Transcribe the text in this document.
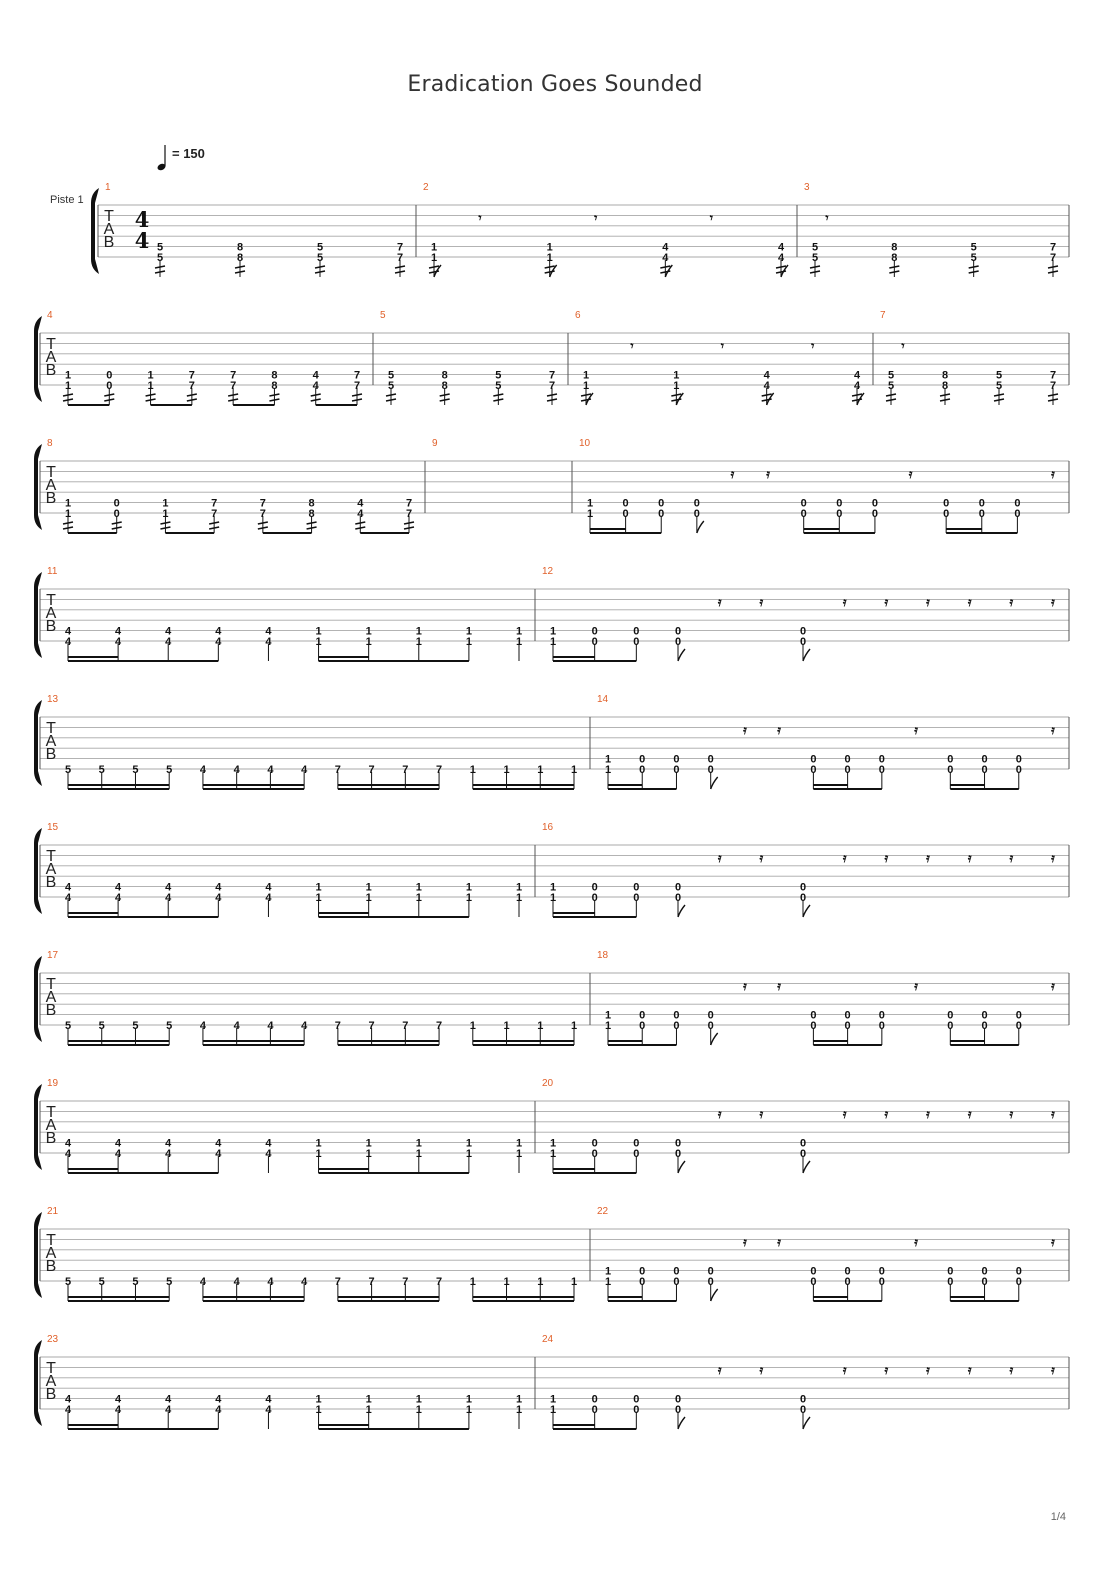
Eradication Goes Sounded
= 150
Piste 1
T
A
B
4
4
1
5
5
8
8
5
5
7
7
2
𝄾
1
1
𝄾
1
1
𝄾
4
4
𝄾
4
4
3
5
5
8
8
5
5
7
7
T
A
B
4
1
1
0
0
1
1
7
7
7
7
8
8
4
4
7
7
5
5
5
8
8
5
5
7
7
6
𝄾
1
1
𝄾
1
1
𝄾
4
4
𝄾
4
4
7
5
5
8
8
5
5
7
7
T
A
B
8
1
1
0
0
1
1
7
7
7
7
8
8
4
4
7
7
9	10
1
1
0
0
0
0
0
0
𝄿	𝄿
0
0
0
0
0
0
𝄿
0
0
0
0
0
0
𝄿
T
A
B
11
4
4
4
4
4
4
4
4
4
4
1
1
1
1
1
1
1
1
1
1
12
1
1
0
0
0
0
0
0
𝄿	𝄿
0
0
𝄿	𝄿	𝄿	𝄿	𝄿	𝄿
T
A
B
13
5	5	5	5	4	4	4	4	7	7	7	7	1	1	1	1
14
1
1
0
0
0
0
0
0
𝄿	𝄿
0
0
0
0
0
0
𝄿
0
0
0
0
0
0
𝄿
T
A
B
15
4
4
4
4
4
4
4
4
4
4
1
1
1
1
1
1
1
1
1
1
16
1
1
0
0
0
0
0
0
𝄿	𝄿
0
0
𝄿	𝄿	𝄿	𝄿	𝄿	𝄿
T
A
B
17
5	5	5	5	4	4	4	4	7	7	7	7	1	1	1	1
18
1
1
0
0
0
0
0
0
𝄿	𝄿
0
0
0
0
0
0
𝄿
0
0
0
0
0
0
𝄿
T
A
B
19
4
4
4
4
4
4
4
4
4
4
1
1
1
1
1
1
1
1
1
1
20
1
1
0
0
0
0
0
0
𝄿	𝄿
0
0
𝄿	𝄿	𝄿	𝄿	𝄿	𝄿
T
A
B
21
5	5	5	5	4	4	4	4	7	7	7	7	1	1	1	1
22
1
1
0
0
0
0
0
0
𝄿	𝄿
0
0
0
0
0
0
𝄿
0
0
0
0
0
0
𝄿
T
A
B
23
4
4
4
4
4
4
4
4
4
4
1
1
1
1
1
1
1
1
1
1
24
1
1
0
0
0
0
0
0
𝄿	𝄿
0
0
𝄿	𝄿	𝄿	𝄿	𝄿	𝄿
1/4
